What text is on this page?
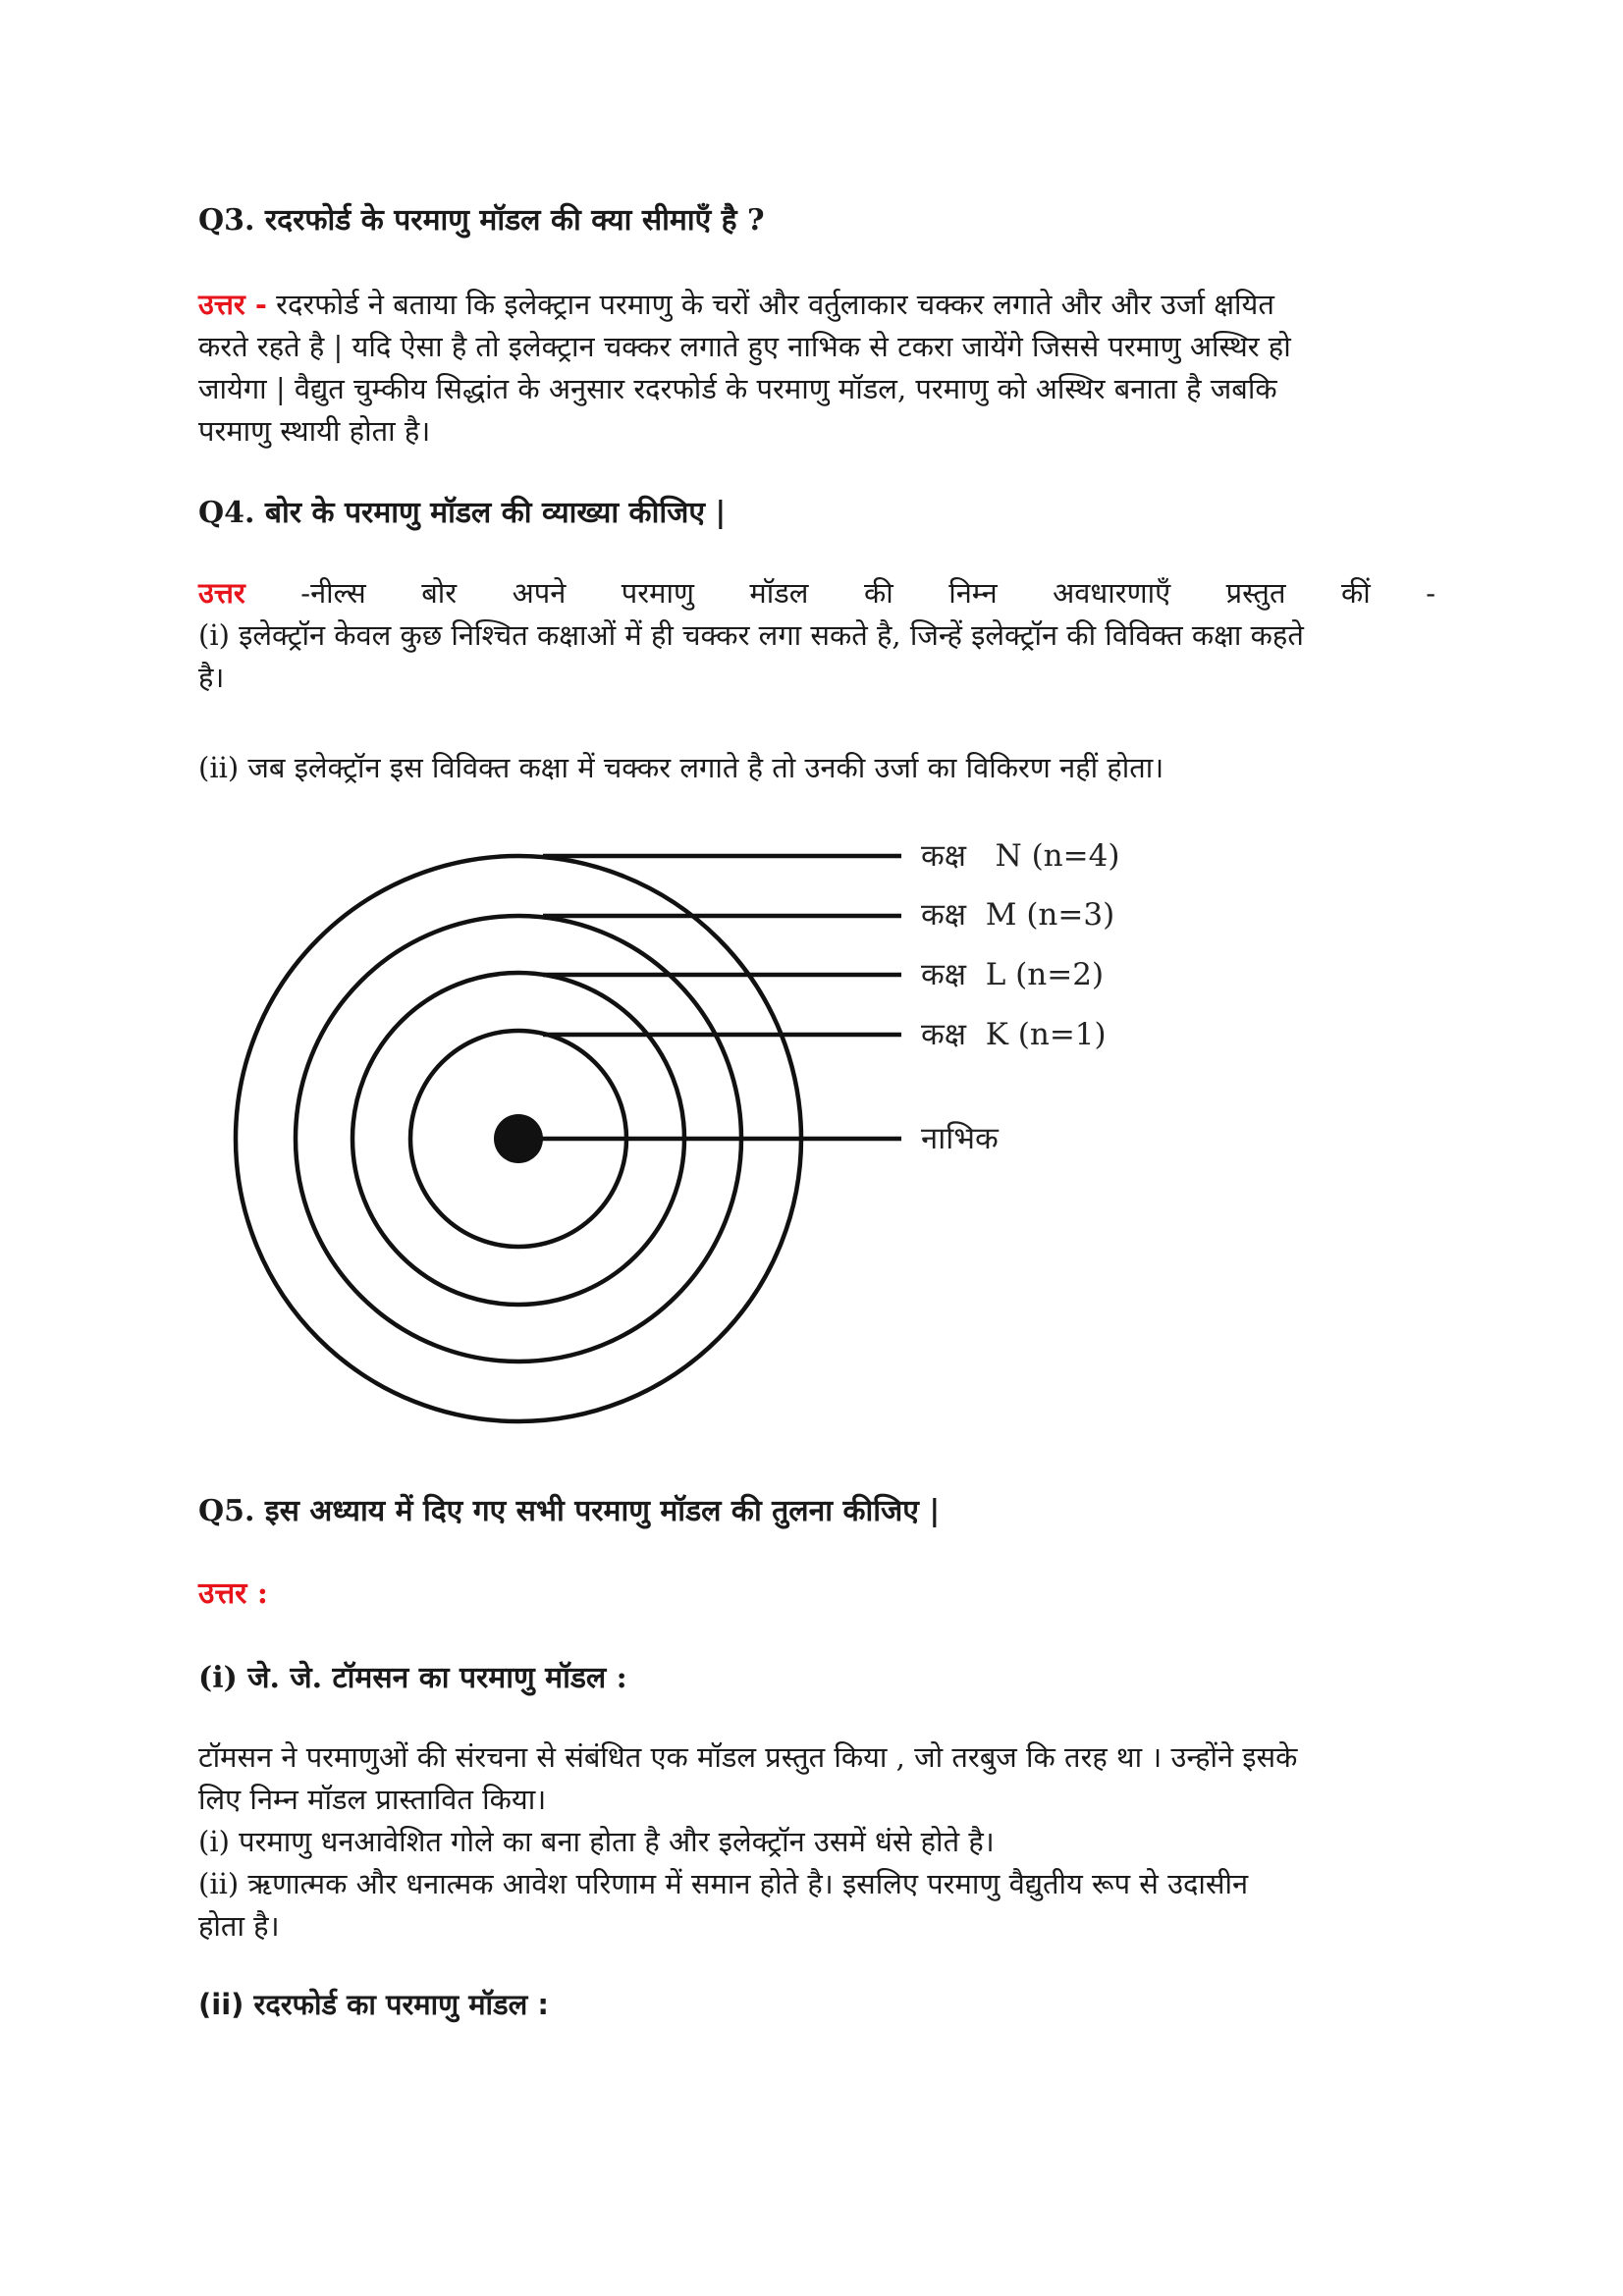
Q3. रदरफोर्ड के परमाणु मॉडल की क्या सीमाएँ है ?
उत्तर - रदरफोर्ड ने बताया कि इलेक्ट्रान परमाणु के चरों और वर्तुलाकार चक्कर लगाते और और उर्जा क्षयित
करते रहते है | यदि ऐसा है तो इलेक्ट्रान चक्कर लगाते हुए नाभिक से टकरा जायेंगे जिससे परमाणु अस्थिर हो
जायेगा | वैद्युत चुम्कीय सिद्धांत के अनुसार रदरफोर्ड के परमाणु मॉडल, परमाणु को अस्थिर बनाता है जबकि
परमाणु स्थायी होता है।
Q4. बोर के परमाणु मॉडल की व्याख्या कीजिए |
उत्तर -नील्स बोर अपने परमाणु मॉडल की निम्न अवधारणाएँ प्रस्तुत कीं -
(i) इलेक्ट्रॉन केवल कुछ निश्चित कक्षाओं में ही चक्कर लगा सकते है, जिन्हें इलेक्ट्रॉन की विविक्त कक्षा कहते
है।
(ii) जब इलेक्ट्रॉन इस विविक्त कक्षा में चक्कर लगाते है तो उनकी उर्जा का विकिरण नहीं होता।
कक्ष   N (n=4)
कक्ष  M (n=3)
कक्ष  L (n=2)
कक्ष  K (n=1)
नाभिक
Q5. इस अध्याय में दिए गए सभी परमाणु मॉडल की तुलना कीजिए |
उत्तर :
(i) जे. जे. टॉमसन का परमाणु मॉडल :
टॉमसन ने परमाणुओं की संरचना से संबंधित एक मॉडल प्रस्तुत किया , जो तरबुज कि तरह था । उन्होंने इसके
लिए निम्न मॉडल प्रास्तावित किया।
(i) परमाणु धनआवेशित गोले का बना होता है और इलेक्ट्रॉन उसमें धंसे होते है।
(ii) ऋणात्मक और धनात्मक आवेश परिणाम में समान होते है। इसलिए परमाणु वैद्युतीय रूप से उदासीन
होता है।
(ii) रदरफोर्ड का परमाणु मॉडल :
